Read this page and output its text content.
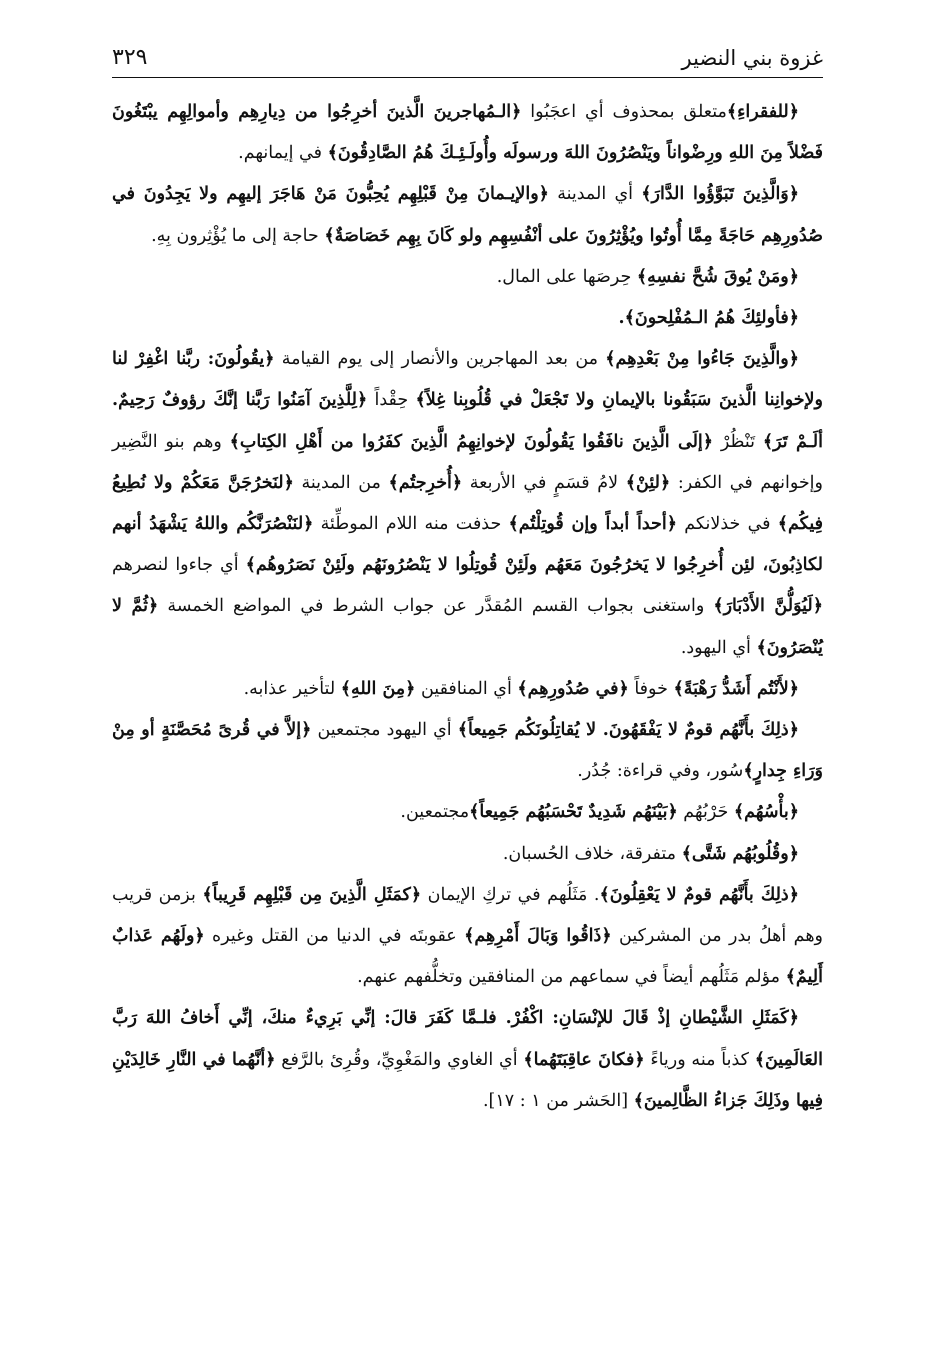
غزوة بني النضير
٣٢٩

﴿للفقراءِ﴾متعلق بمحذوف أي اعجَبُوا ﴿الـمُهاجرينَ الَّذينَ أخرِجُوا من دِيارِهِم وأموالِهِم يبْتَغُونَ فَضْلاً مِنَ اللهِ ورِضْواناً ويَنْصُرُونَ اللهَ ورسولَه وأُولَـئِـكَ هُمُ الصَّادِقُونَ﴾ في إيمانهم.

﴿وَالَّذِينَ تَبَوَّؤُوا الدَّارَ﴾ أي المدينة ﴿والإيـمانَ مِنْ قَبْلِهِم يُحِبُّونَ مَنْ هَاجَرَ إليهِم ولا يَجِدُونَ في صُدُورِهِم حَاجَةً مِمَّا أُوتُوا ويُؤْثِرُونَ على أنْفُسِهِم ولو كَانَ بِهِم خَصَاصَةٌ﴾ حاجة إلى ما يُؤْثِرون بِهِ.

﴿ومَنْ يُوقَ شُحَّ نفسِهِ﴾ حِرصَها على المال.

﴿فأولئِكَ هُمُ الـمُفْلِحونَ﴾.

﴿والَّذِينَ جَاءُوا مِنْ بَعْدِهِم﴾ من بعد المهاجرين والأنصار إلى يوم القيامة ﴿يقُولُونَ: ربَّنا اغْفِرْ لنا ولإخوانِنا الَّذينَ سَبَقُونا بالإيمانِ ولا تَجْعَلْ في قُلُوبِنا غِلاً﴾ حِقْداً ﴿لِلَّذِينَ آمَنُوا رَبَّنا إنَّكَ رؤوفٌ رَحِيمٌ. ألَـمْ تَرَ﴾ تَنْظُرْ ﴿إلَى الَّذِينَ نافَقُوا يَقُولُونَ لإخوانِهِمُ الَّذِينَ كفَرُوا من أَهْلِ الكِتابِ﴾ وهم بنو النَّضِير وإخوانهم في الكفر: ﴿لئِنْ﴾ لامُ قسَمٍ في الأربعة ﴿أُخرِجتُم﴾ من المدينة ﴿لنَخرُجَنَّ مَعَكُمْ ولا نُطِيعُ فِيكُم﴾ في خذلانكم ﴿أحداً أبداً وإن قُوتِلْتُم﴾ حذفت منه اللام الموطِّئة ﴿لنَنْصُرَنَّكُم واللهُ يَشْهَدُ أنهم لكاذِبُونَ، لئِن أُخرِجُوا لا يَخرُجُونَ مَعَهُم ولَئِنْ قُوتِلُوا لا يَنْصُرُونَهُم ولَئِنْ نَصَرُوهُم﴾ أي جاءوا لنصرهم ﴿لَيُوَلُّنَّ الأَدْبَارَ﴾ واستغنى بجواب القسم المُقدَّر عن جواب الشرط في المواضع الخمسة ﴿ثُمَّ لا يُنْصَرُونَ﴾ أي اليهود.

﴿لأَنْتُم أَشَدُّ رَهْبَةً﴾ خوفاً ﴿في صُدُورِهِم﴾ أي المنافقين ﴿مِنَ اللهِ﴾ لتأخير عذابه.

﴿ذلِكَ بأَنَّهُم قومٌ لا يَفْقَهُونَ. لا يُقاتِلُونَكُم جَمِيعاً﴾ أي اليهود مجتمعين ﴿إلاَّ في قُرىً مُحَصَّنَةٍ أو مِنْ وَرَاءِ جِدارٍ﴾سُور، وفي قراءة: جُدُر.

﴿بأْسُهُم﴾ حَرْبُهُم ﴿بَيْنَهُم شَدِيدٌ تَحْسَبُهُم جَمِيعاً﴾مجتمعين.

﴿وقُلُوبُهُم شَتَّى﴾ متفرقة، خلاف الحُسبان.

﴿ذلِكَ بأَنَّهُم قومٌ لا يَعْقِلُونَ﴾. مَثَلُهم في تركِ الإيمان ﴿كمَثَلِ الَّذِينَ مِن قَبْلِهِم قَرِيباً﴾ بزمن قريب وهم أهلُ بدر من المشركين ﴿ذَاقُوا وَبَالَ أَمْرِهِم﴾ عقوبتَه في الدنيا من القتل وغيره ﴿ولَهُم عَذابٌ أَلِيمٌ﴾ مؤلم مَثَلُهم أيضاً في سماعهم من المنافقين وتخلُّفهم عنهم.

﴿كَمَثَلِ الشَّيْطانِ إذْ قَالَ للإنْسَانِ: اكْفُرْ. فلـمَّا كَفَرَ قالَ: إنِّي بَرِيءٌ منكَ، إنِّي أَخافُ اللهَ رَبَّ العَالَمِينَ﴾ كذباً منه ورياءً ﴿فكانَ عاقِبَتَهُما﴾ أي الغاوي والمَغْوِيِّ، وقُرِئ بالرَّفع ﴿أنَّهُما في النَّارِ خَالِدَيْنِ فِيها وذَلِكَ جَزاءُ الظَّالِمينَ﴾ [الحَشر من ١ : ١٧].
